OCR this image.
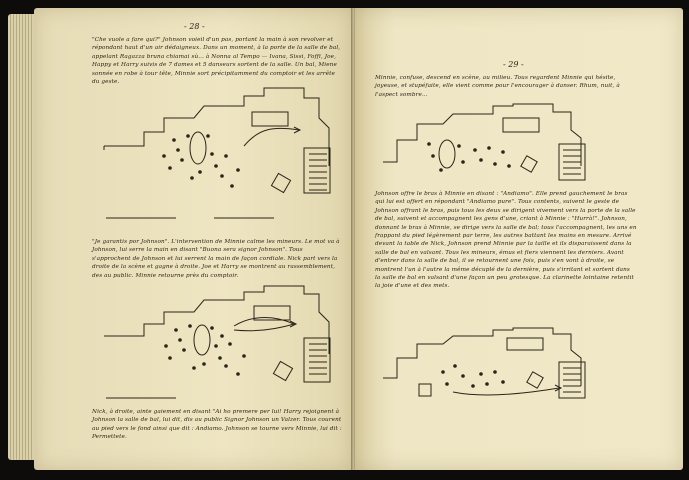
- 28 -
"Che vuole a fare qui?" Johnson voieil d'un pas, portant la main à son revolver et répondant haut d'un air dédaigneux. Dans un moment, à la porte de la salle de bal, appelant Ragazza bruna chiamai sù... à Nonna al Tempo — Ivana, Sissi, Foffi, Joe, Happy et Harry suivis de 7 dames et 5 danseurs sortent de la salle. Un bal, Miene sonnée en robe à tour tête, Minnie sort précipitamment du comptoir et les arrête du geste.
"Je garantis por Johnson". L'intervention de Minnie calme les mineurs. Le mot va à Johnson, lui serre la main en disant "Buona sera signor Johnson". Tous s'approchent de Johnson et lui serrent la main de façon cordiale. Nick part vers la droite de la scène et gagne à droite. Joe et Harry se montrent au rassemblement, des au public. Minnie retourne près du comptoir.
Nick, à droite, ainte gaiement en disant "Ai ho premere per lui! Harry rejoignent à Johnson la salle de bal, lui dit, dis au public Signor Johnson un Valzer. Tous courent au pied vers le fond ainsi que dit : Andiamo. Johnson se tourne vers Minnie, lui dit : Permettete.
- 29 -
Minnie, confuse, descend en scène, au milieu. Tous regardent Minnie qui hésite, joyeuse, et stupéfaite, elle vient comme pour l'encourager à danser. Rhum, nuit, à l'aspect sombre...
Johnson offre le bras à Minnie en disant : "Andiamo". Elle prend gauchement le bras qui lui est offert en répondant "Andiamo pure". Tous contents, suivent le geste de Johnson offrant le bras, puis tous les deux se dirigent vivement vers la porte de la salle de bal, suivent et accompagnent les gens d'une, criant à Minnie : "Hurrà!". Johnson, donnant le bras à Minnie, se dirige vers la salle de bal; tous l'accompagnent, les uns en frappant du pied légèrement par terre, les autres battant les mains en mesure. Arrivé devant la table de Nick, Johnson prend Minnie par la taille et ils disparaissent dans la salle de bal en valsant. Tous les mineurs, émus et fiers viennent les derniers. Avant d'entrer dans la salle de bal, il se retournent une fois, puis s'en vont à droite, se montrent l'un à l'autre la même décuplé de la dernière, puis s'irritant et sortent dans la salle de bal en valsant d'une façon un peu grotesque. La clarinette lointaine retentit la joie d'une et des mets.
